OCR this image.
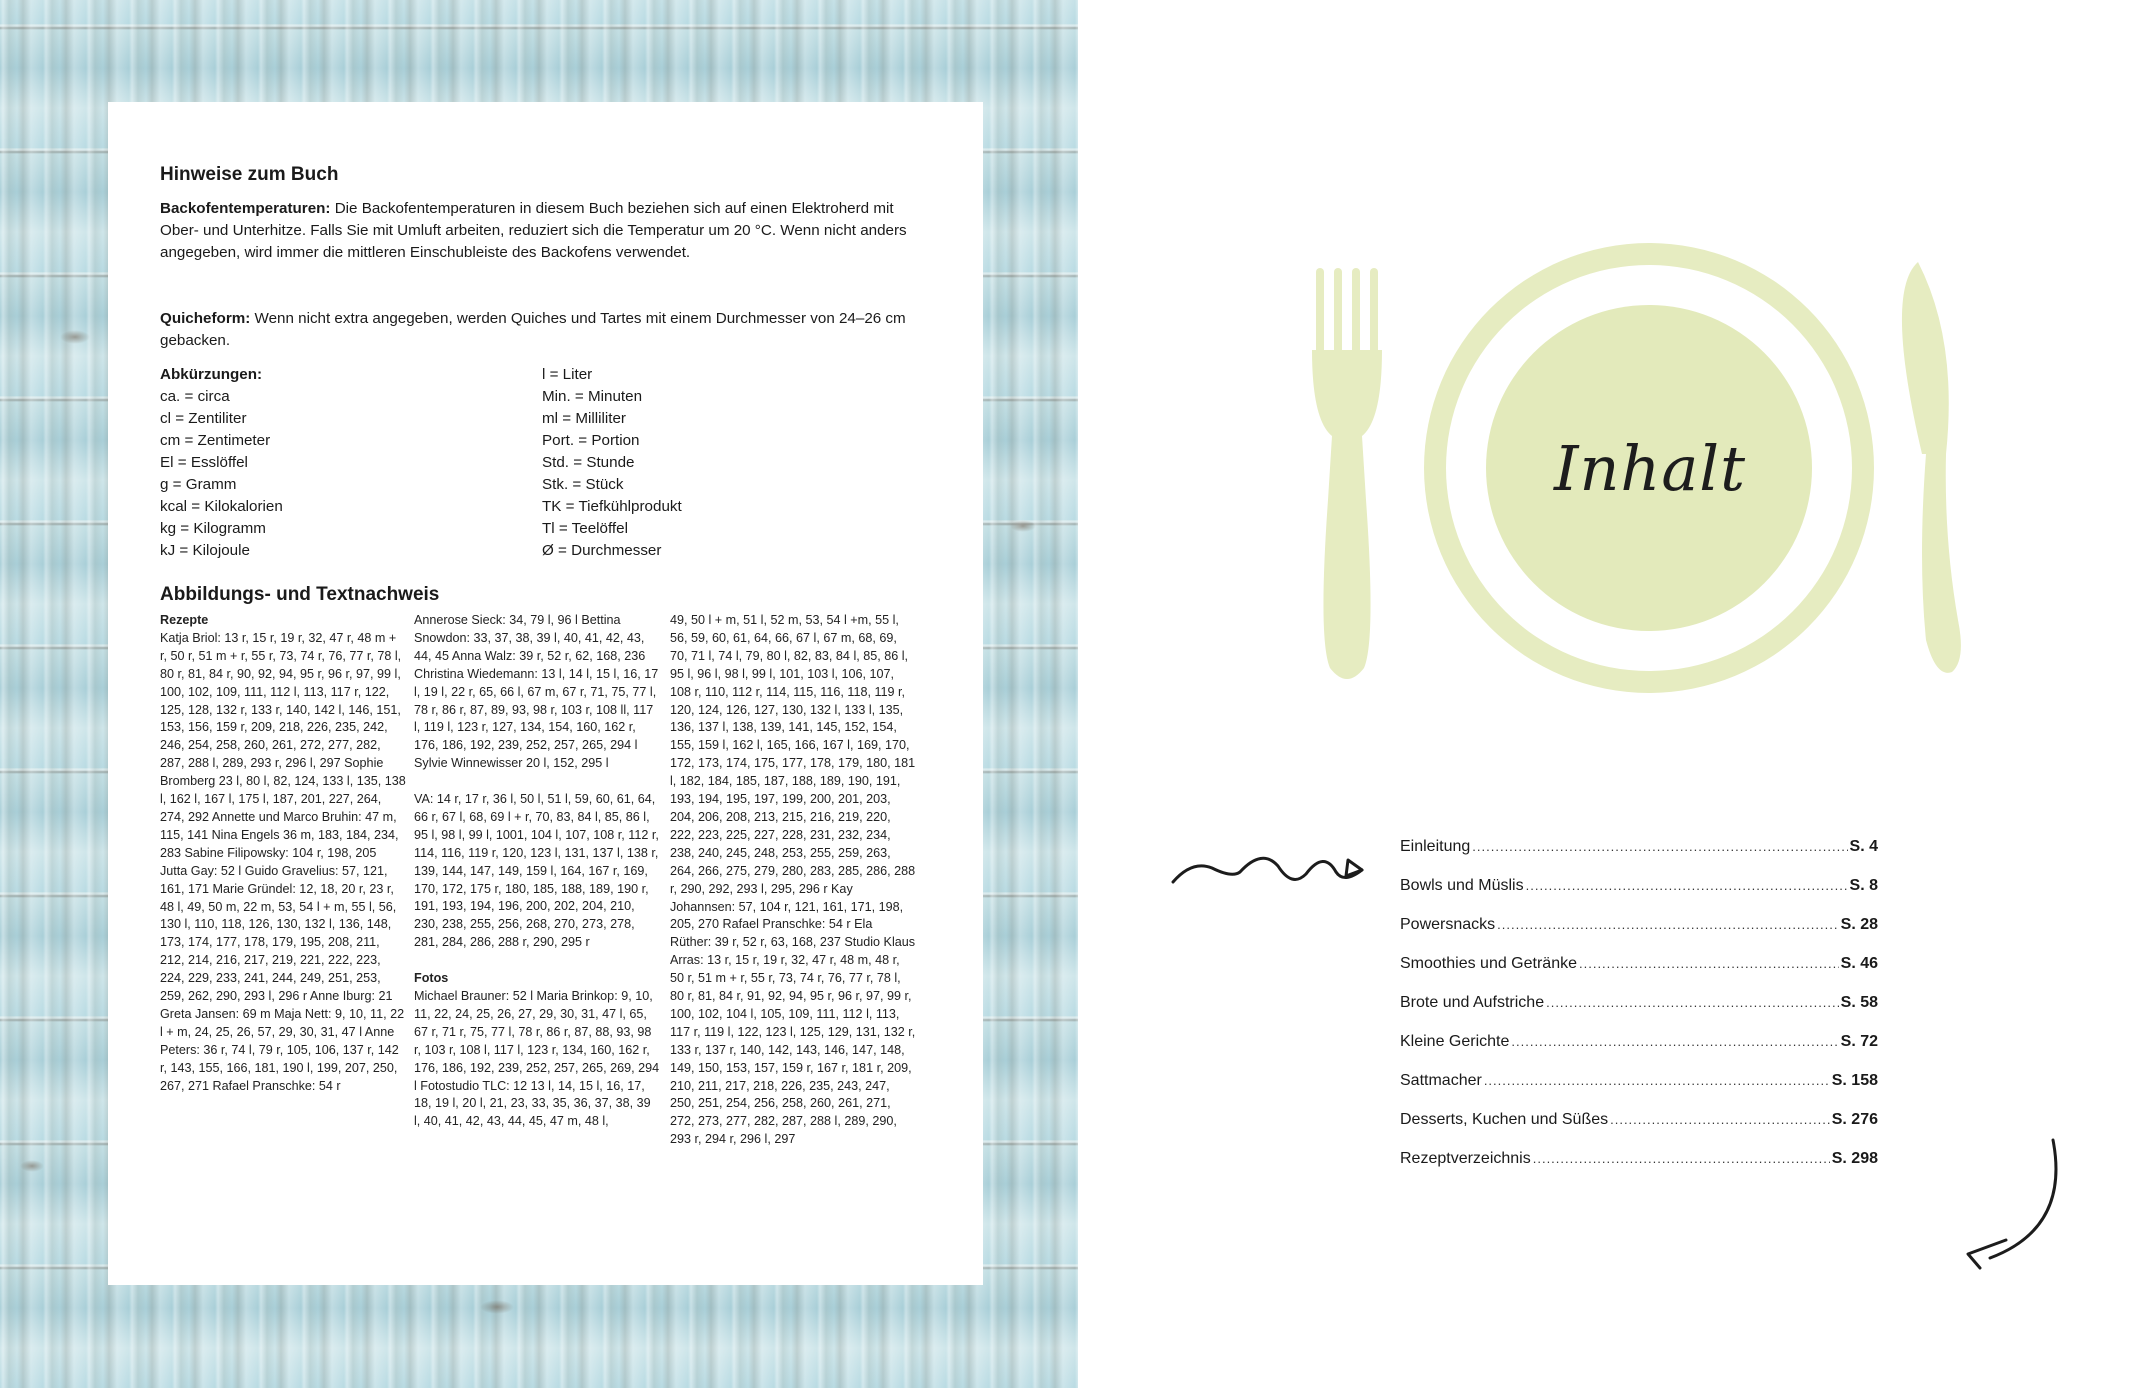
Hinweise zum Buch
Backofentemperaturen: Die Backofentemperaturen in diesem Buch beziehen sich auf einen Elektroherd mit Ober- und Unterhitze. Falls Sie mit Umluft arbeiten, reduziert sich die Temperatur um 20 °C. Wenn nicht anders angegeben, wird immer die mittleren Einschubleiste des Backofens verwendet.
Quicheform: Wenn nicht extra angegeben, werden Quiches und Tartes mit einem Durchmesser von 24–26 cm gebacken.
Abkürzungen:
ca. = circa
cl = Zentiliter
cm = Zentimeter
El = Esslöffel
g = Gramm
kcal = Kilokalorien
kg = Kilogramm
kJ = Kilojoule
l = Liter
Min. = Minuten
ml = Milliliter
Port. = Portion
Std. = Stunde
Stk. = Stück
TK = Tiefkühlprodukt
Tl = Teelöffel
Ø = Durchmesser
Abbildungs- und Textnachweis

Rezepte

Katja Briol: 13 r, 15 r, 19 r, 32, 47 r, 48 m + r, 50 r, 51 m + r, 55 r, 73, 74 r, 76, 77 r, 78 l, 80 r, 81, 84 r, 90, 92, 94, 95 r, 96 r, 97, 99 l, 100, 102, 109, 111, 112 l, 113, 117 r, 122, 125, 128, 132 r, 133 r, 140, 142 l, 146, 151, 153, 156, 159 r, 209, 218, 226, 235, 242, 246, 254, 258, 260, 261, 272, 277, 282, 287, 288 l, 289, 293 r, 296 l, 297 Sophie Bromberg 23 l, 80 l, 82, 124, 133 l, 135, 138 l, 162 l, 167 l, 175 l, 187, 201, 227, 264, 274, 292 Annette und Marco Bruhin: 47 m, 115, 141 Nina Engels 36 m, 183, 184, 234, 283 Sabine Filipowsky: 104 r, 198, 205 Jutta Gay: 52 l Guido Gravelius: 57, 121, 161, 171 Marie Gründel: 12, 18, 20 r, 23 r, 48 l, 49, 50 m, 22 m, 53, 54 l + m, 55 l, 56, 130 l, 110, 118, 126, 130, 132 l, 136, 148, 173, 174, 177, 178, 179, 195, 208, 211, 212, 214, 216, 217, 219, 221, 222, 223, 224, 229, 233, 241, 244, 249, 251, 253, 259, 262, 290, 293 l, 296 r Anne Iburg: 21 Greta Jansen: 69 m Maja Nett: 9, 10, 11, 22 l + m, 24, 25, 26, 57, 29, 30, 31, 47 l Anne Peters: 36 r, 74 l, 79 r, 105, 106, 137 r, 142 r, 143, 155, 166, 181, 190 l, 199, 207, 250, 267, 271 Rafael Pranschke: 54 r

Annerose Sieck: 34, 79 l, 96 l Bettina Snowdon: 33, 37, 38, 39 l, 40, 41, 42, 43, 44, 45 Anna Walz: 39 r, 52 r, 62, 168, 236 Christina Wiedemann: 13 l, 14 l, 15 l, 16, 17 l, 19 l, 22 r, 65, 66 l, 67 m, 67 r, 71, 75, 77 l, 78 r, 86 r, 87, 89, 93, 98 r, 103 r, 108 ll, 117 l, 119 l, 123 r, 127, 134, 154, 160, 162 r, 176, 186, 192, 239, 252, 257, 265, 294 l Sylvie Winnewisser 20 l, 152, 295 l

VA: 14 r, 17 r, 36 l, 50 l, 51 l, 59, 60, 61, 64, 66 r, 67 l, 68, 69 l + r, 70, 83, 84 l, 85, 86 l, 95 l, 98 l, 99 l, 1001, 104 l, 107, 108 r, 112 r, 114, 116, 119 r, 120, 123 l, 131, 137 l, 138 r, 139, 144, 147, 149, 159 l, 164, 167 r, 169, 170, 172, 175 r, 180, 185, 188, 189, 190 r, 191, 193, 194, 196, 200, 202, 204, 210, 230, 238, 255, 256, 268, 270, 273, 278, 281, 284, 286, 288 r, 290, 295 r

Fotos

Michael Brauner: 52 l Maria Brinkop: 9, 10, 11, 22, 24, 25, 26, 27, 29, 30, 31, 47 l, 65, 67 r, 71 r, 75, 77 l, 78 r, 86 r, 87, 88, 93, 98 r, 103 r, 108 l, 117 l, 123 r, 134, 160, 162 r, 176, 186, 192, 239, 252, 257, 265, 269, 294 l Fotostudio TLC: 12 13 l, 14, 15 l, 16, 17, 18, 19 l, 20 l, 21, 23, 33, 35, 36, 37, 38, 39 l, 40, 41, 42, 43, 44, 45, 47 m, 48 l,

49, 50 l + m, 51 l, 52 m, 53, 54 l +m, 55 l, 56, 59, 60, 61, 64, 66, 67 l, 67 m, 68, 69, 70, 71 l, 74 l, 79, 80 l, 82, 83, 84 l, 85, 86 l, 95 l, 96 l, 98 l, 99 l, 101, 103 l, 106, 107, 108 r, 110, 112 r, 114, 115, 116, 118, 119 r, 120, 124, 126, 127, 130, 132 l, 133 l, 135, 136, 137 l, 138, 139, 141, 145, 152, 154, 155, 159 l, 162 l, 165, 166, 167 l, 169, 170, 172, 173, 174, 175, 177, 178, 179, 180, 181 l, 182, 184, 185, 187, 188, 189, 190, 191, 193, 194, 195, 197, 199, 200, 201, 203, 204, 206, 208, 213, 215, 216, 219, 220, 222, 223, 225, 227, 228, 231, 232, 234, 238, 240, 245, 248, 253, 255, 259, 263, 264, 266, 275, 279, 280, 283, 285, 286, 288 r, 290, 292, 293 l, 295, 296 r Kay Johannsen: 57, 104 r, 121, 161, 171, 198, 205, 270 Rafael Pranschke: 54 r Ela Rüther: 39 r, 52 r, 63, 168, 237 Studio Klaus Arras: 13 r, 15 r, 19 r, 32, 47 r, 48 m, 48 r, 50 r, 51 m + r, 55 r, 73, 74 r, 76, 77 r, 78 l, 80 r, 81, 84 r, 91, 92, 94, 95 r, 96 r, 97, 99 r, 100, 102, 104 l, 105, 109, 111, 112 l, 113, 117 r, 119 l, 122, 123 l, 125, 129, 131, 132 r, 133 r, 137 r, 140, 142, 143, 146, 147, 148, 149, 150, 153, 157, 159 r, 167 r, 181 r, 209, 210, 211, 217, 218, 226, 235, 243, 247, 250, 251, 254, 256, 258, 260, 261, 271, 272, 273, 277, 282, 287, 288 l, 289, 290, 293 r, 294 r, 296 l, 297

Inhalt
Einleitung .....	S. 4
Bowls und Müslis .....	S. 8
Powersnacks .....	S. 28
Smoothies und Getränke .....	S. 46
Brote und Aufstriche .....	S. 58
Kleine Gerichte .....	S. 72
Sattmacher .....	S. 158
Desserts, Kuchen und Süßes .....	S. 276
Rezeptverzeichnis .....	S. 298
